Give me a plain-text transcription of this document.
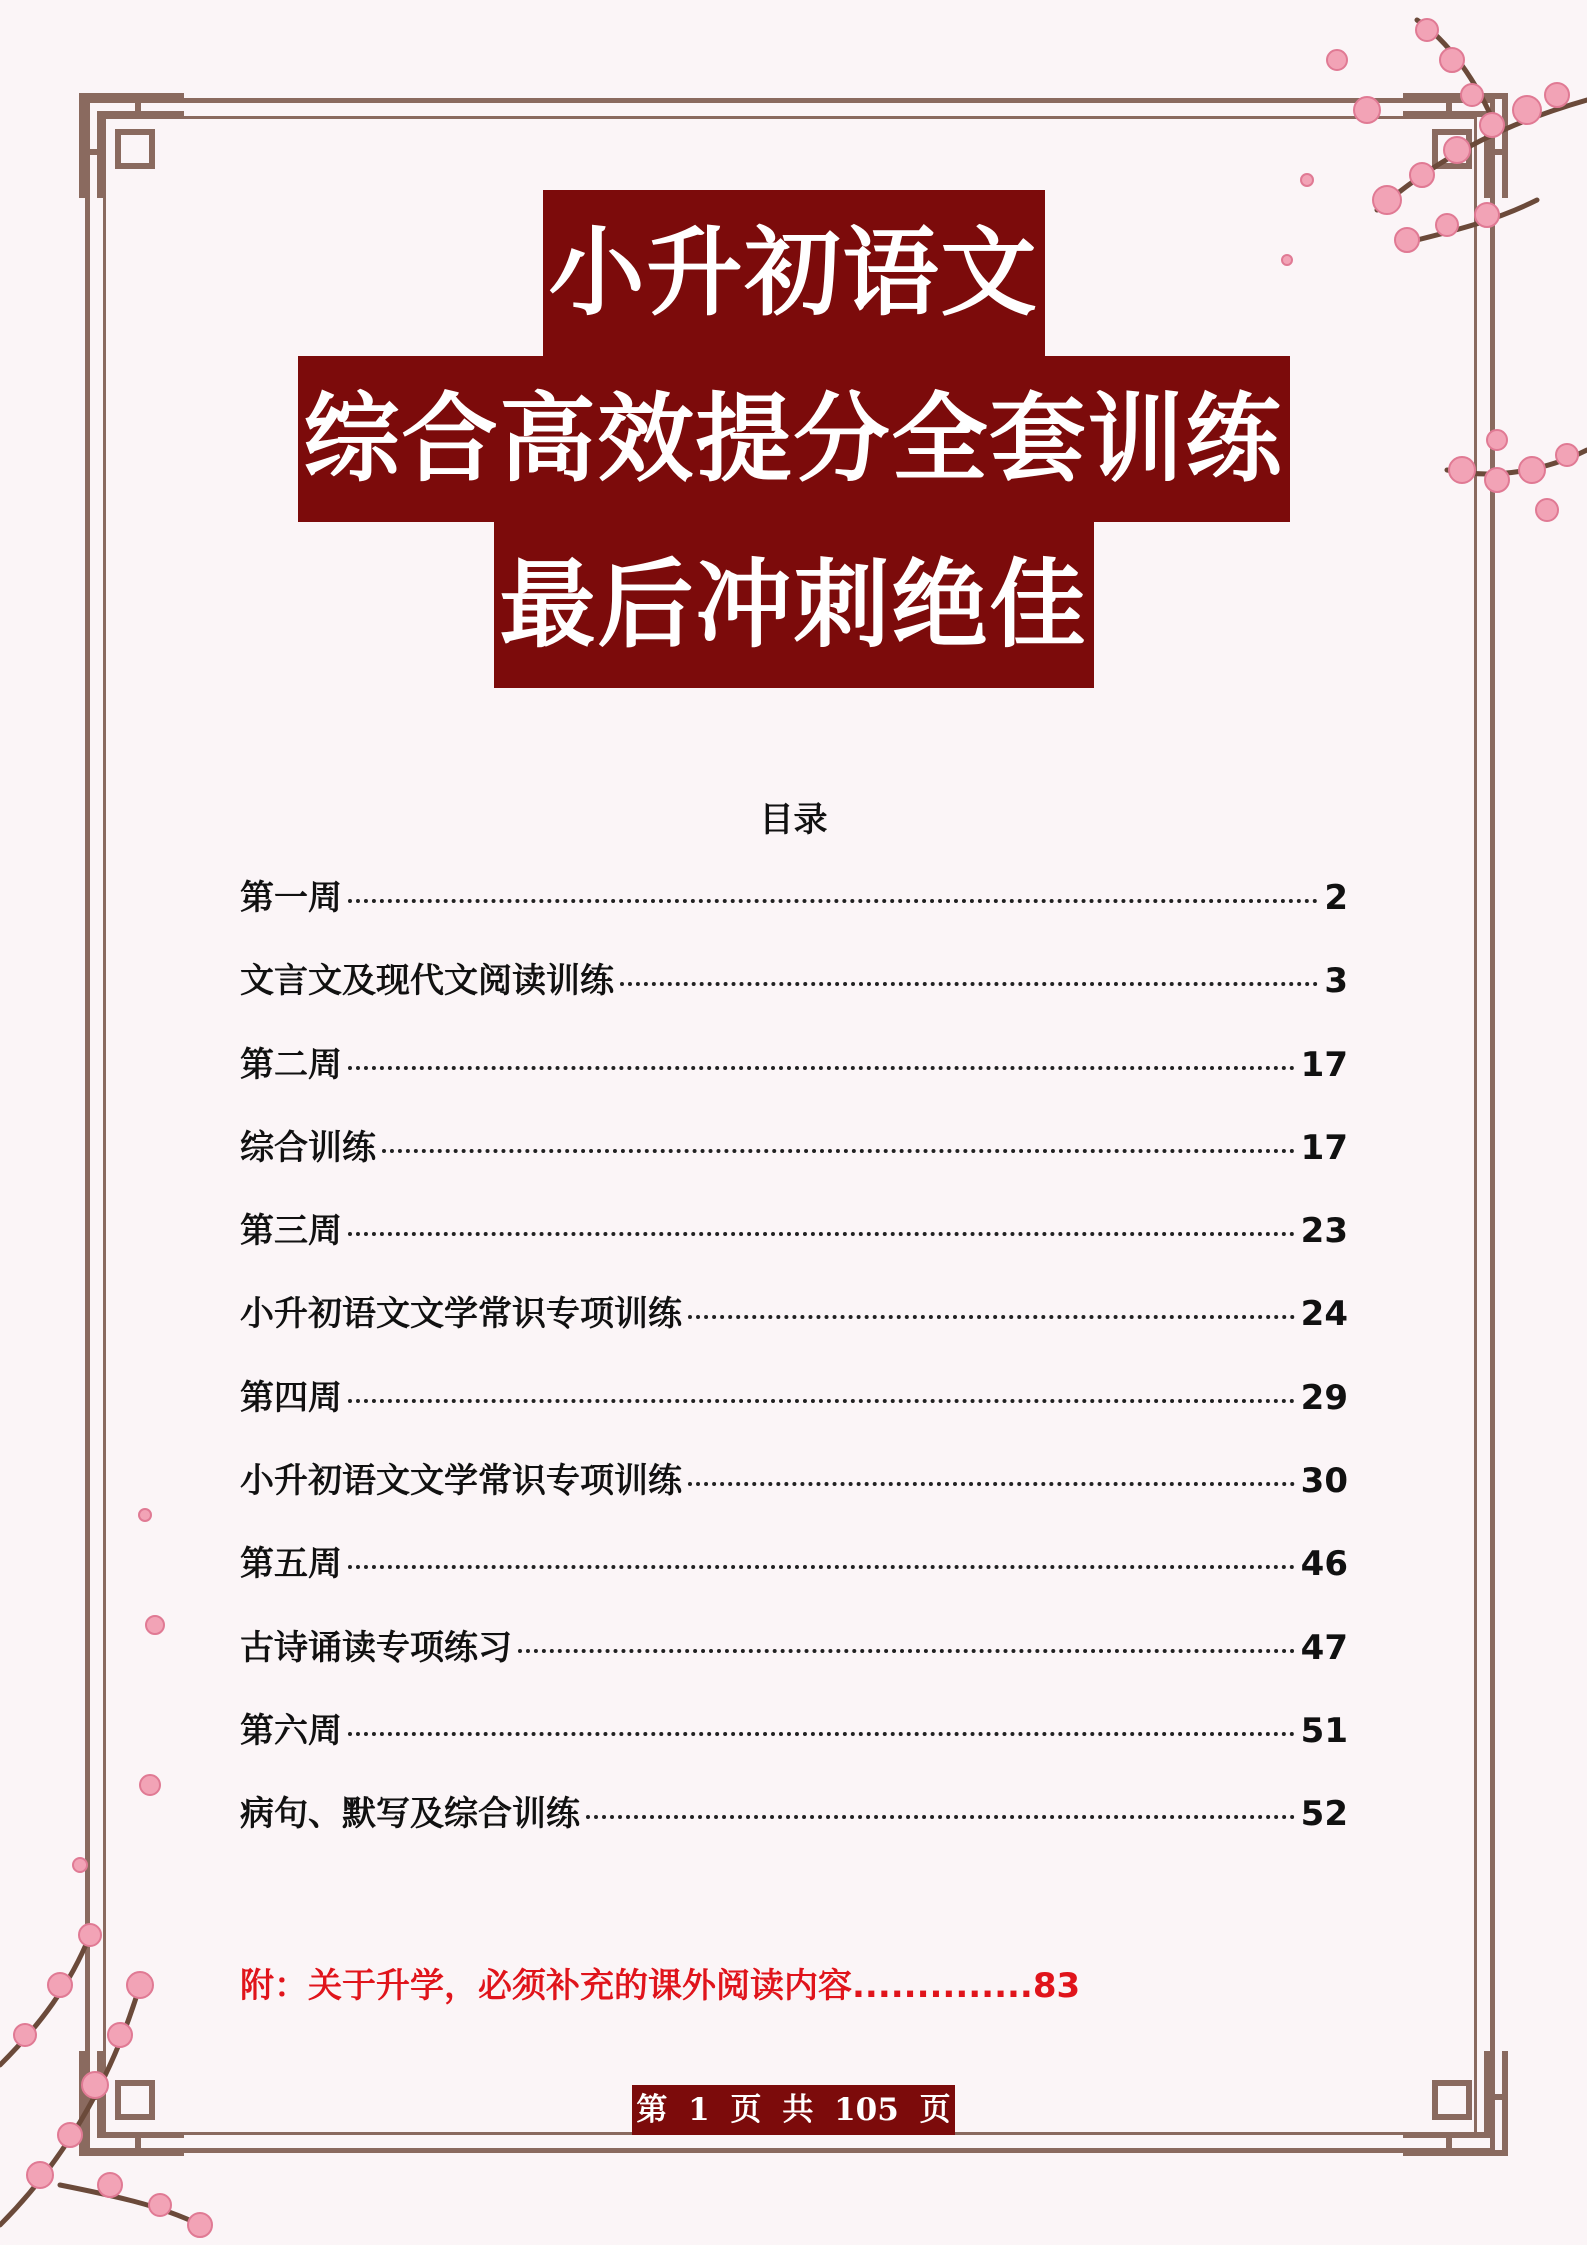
小升初语文
综合高效提分全套训练
最后冲刺绝佳
目录
第一周	2
文言文及现代文阅读训练	3
第二周	17
综合训练	17
第三周	23
小升初语文文学常识专项训练	24
第四周	29
小升初语文文学常识专项训练	30
第五周	46
古诗诵读专项练习	47
第六周	51
病句、默写及综合训练	52
附：关于升学，必须补充的课外阅读内容..............83
第 1 页 共 105 页
